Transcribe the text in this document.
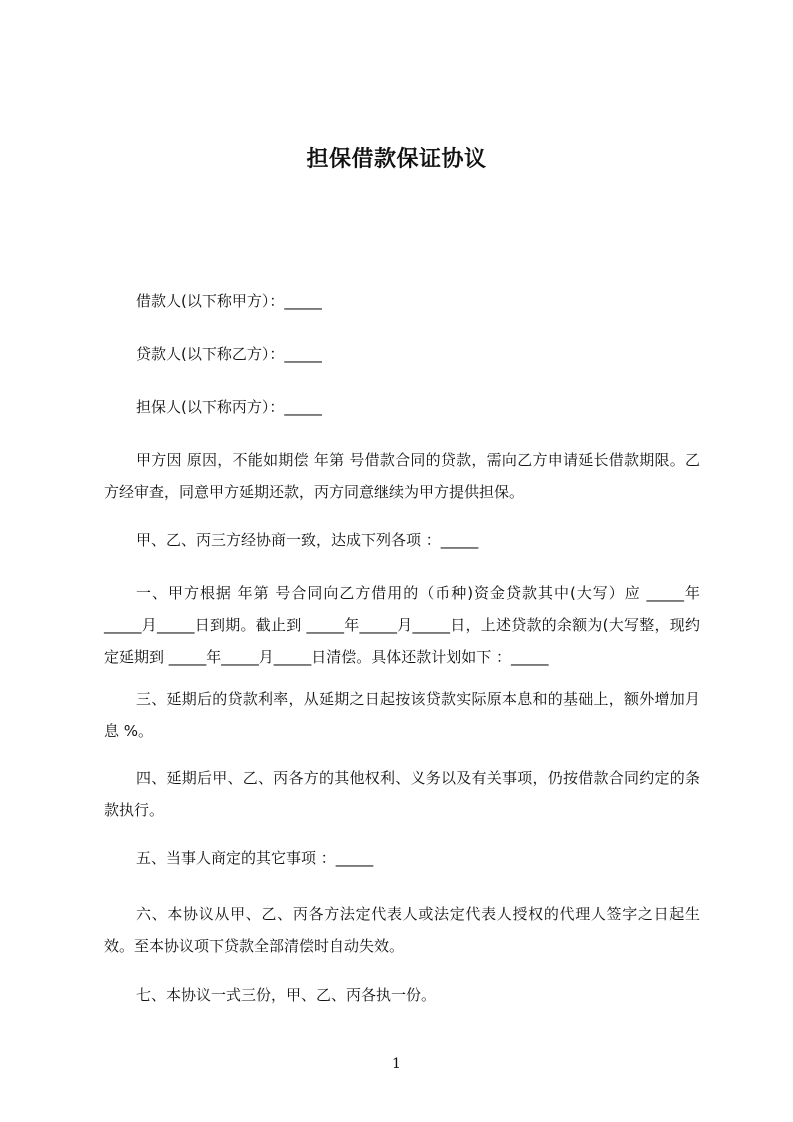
担保借款保证协议

借款人(以下称甲方）：_____

贷款人(以下称乙方）：_____

担保人(以下称丙方）：_____

甲方因 原因，不能如期偿 年第 号借款合同的贷款，需向乙方申请延长借款期限。乙方经审查，同意甲方延期还款，丙方同意继续为甲方提供担保。

甲、乙、丙三方经协商一致，达成下列各项 ：_____

一、甲方根据 年第 号合同向乙方借用的（币种)资金贷款其中(大写）应 _____年_____月_____日到期。截止到 _____年_____月_____日，上述贷款的余额为(大写整，现约定延期到 _____年_____月_____日清偿。具体还款计划如下 ：_____

三、延期后的贷款利率，从延期之日起按该贷款实际原本息和的基础上，额外增加月息 %。

四、延期后甲、乙、丙各方的其他权利、义务以及有关事项，仍按借款合同约定的条款执行。

五、当事人商定的其它事项 ：_____

六、本协议从甲、乙、丙各方法定代表人或法定代表人授权的代理人签字之日起生效。至本协议项下贷款全部清偿时自动失效。

七、本协议一式三份，甲、乙、丙各执一份。

1
